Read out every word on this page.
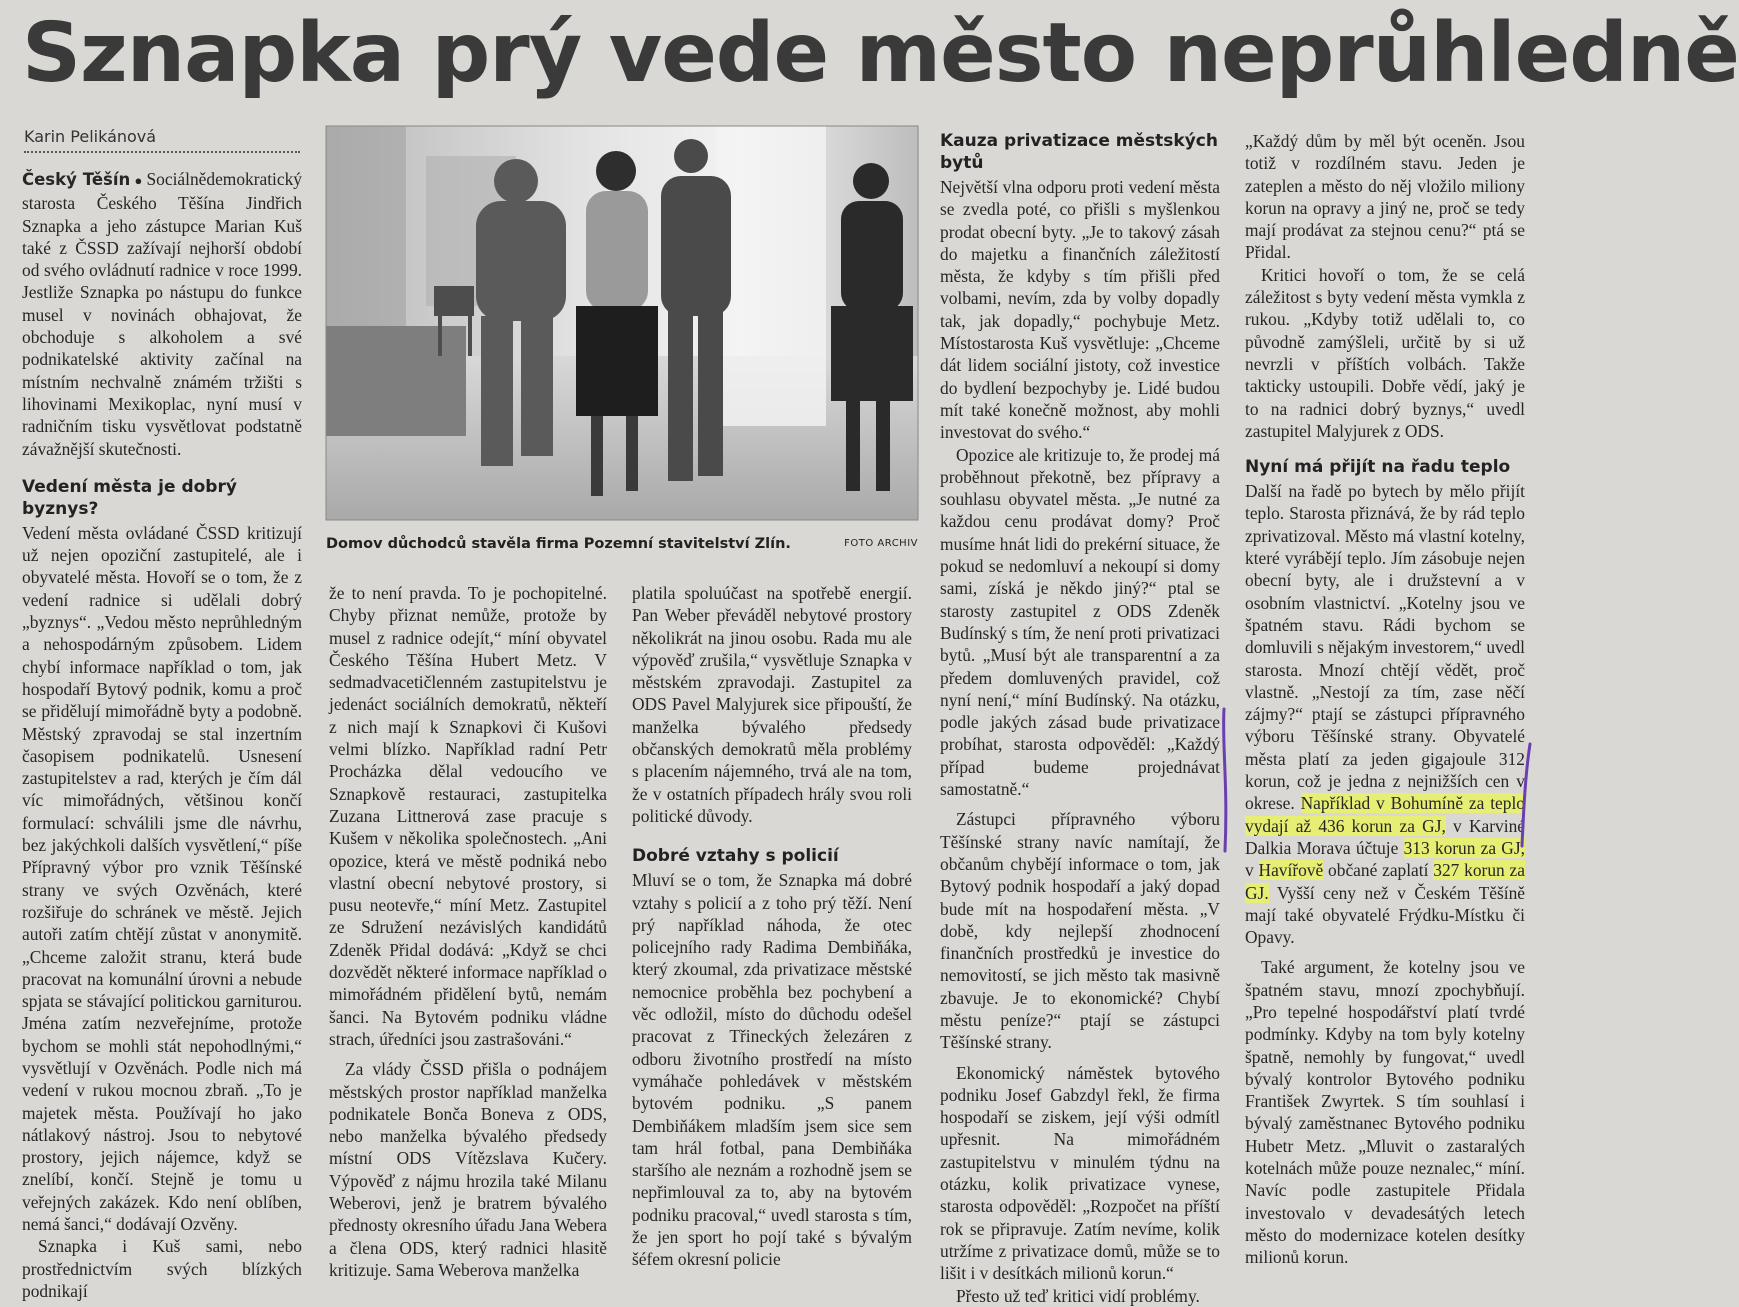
Sznapka prý vede město neprůhledně
Karin Pelikánová

Český Těšín ● Sociálnědemokratický starosta Českého Těšína Jindřich Sznapka a jeho zástupce Marian Kuš také z ČSSD zažívají nejhorší období od svého ovládnutí radnice v roce 1999. Jestliže Sznapka po nástupu do funkce musel v novinách obhajovat, že obchoduje s alkoholem a své podnikatelské aktivity začínal na místním nechvalně známém tržišti s lihovinami Mexikoplac, nyní musí v radničním tisku vysvětlovat podstatně závažnější skutečnosti.

Vedení města je dobrý byznys?

Vedení města ovládané ČSSD kritizují už nejen opoziční zastupitelé, ale i obyvatelé města. Hovoří se o tom, že z vedení radnice si udělali dobrý „byznys“. „Vedou město neprůhledným a nehospodárným způsobem. Lidem chybí informace například o tom, jak hospodaří Bytový podnik, komu a proč se přidělují mimořádně byty a podobně. Městský zpravodaj se stal inzertním časopisem podnikatelů. Usnesení zastupitelstev a rad, kterých je čím dál víc mimořádných, většinou končí formulací: schválili jsme dle návrhu, bez jakýchkoli dalších vysvětlení,“ píše Přípravný výbor pro vznik Těšínské strany ve svých Ozvěnách, které rozšiřuje do schránek ve městě. Jejich autoři zatím chtějí zůstat v anonymitě. „Chceme založit stranu, která bude pracovat na komunální úrovni a nebude spjata se stávající politickou garniturou. Jména zatím nezveřejníme, protože bychom se mohli stát nepohodlnými,“ vysvětlují v Ozvěnách. Podle nich má vedení v rukou mocnou zbraň. „To je majetek města. Používají ho jako nátlakový nástroj. Jsou to nebytové prostory, jejich nájemce, když se znelíbí, končí. Stejně je tomu u veřejných zakázek. Kdo není oblíben, nemá šanci,“ dodávají Ozvěny.

Sznapka i Kuš sami, nebo prostřednictvím svých blízkých podnikají

Domov důchodců stavěla firma Pozemní stavitelství Zlín.	FOTO ARCHIV

že to není pravda. To je pochopitelné. Chyby přiznat nemůže, protože by musel z radnice odejít,“ míní obyvatel Českého Těšína Hubert Metz. V sedmadvacetičlenném zastupitelstvu je jedenáct sociálních demokratů, někteří z nich mají k Sznapkovi či Kušovi velmi blízko. Například radní Petr Procházka dělal vedoucího ve Sznapkově restauraci, zastupitelka Zuzana Littnerová zase pracuje s Kušem v několika společnostech. „Ani opozice, která ve městě podniká nebo vlastní obecní nebytové prostory, si pusu neotevře,“ míní Metz. Zastupitel ze Sdružení nezávislých kandidátů Zdeněk Přidal dodává: „Když se chci dozvědět některé informace například o mimořádném přidělení bytů, nemám šanci. Na Bytovém podniku vládne strach, úředníci jsou zastrašováni.“

Za vlády ČSSD přišla o podnájem městských prostor například manželka podnikatele Bonča Boneva z ODS, nebo manželka bývalého předsedy místní ODS Vítězslava Kučery. Výpověď z nájmu hrozila také Milanu Weberovi, jenž je bratrem bývalého přednosty okresního úřadu Jana Webera a člena ODS, který radnici hlasitě kritizuje. Sama Weberova manželka

platila spoluúčast na spotřebě energií. Pan Weber převáděl nebytové prostory několikrát na jinou osobu. Rada mu ale výpověď zrušila,“ vysvětluje Sznapka v městském zpravodaji. Zastupitel za ODS Pavel Malyjurek sice připouští, že manželka bývalého předsedy občanských demokratů měla problémy s placením nájemného, trvá ale na tom, že v ostatních případech hrály svou roli politické důvody.

Dobré vztahy s policií

Mluví se o tom, že Sznapka má dobré vztahy s policií a z toho prý těží. Není prý například náhoda, že otec policejního rady Radima Dembiňáka, který zkoumal, zda privatizace městské nemocnice proběhla bez pochybení a věc odložil, místo do důchodu odešel pracovat z Třineckých železáren z odboru životního prostředí na místo vymáhače pohledávek v městském bytovém podniku. „S panem Dembiňákem mladším jsem sice sem tam hrál fotbal, pana Dembiňáka staršího ale neznám a rozhodně jsem se nepřimlouval za to, aby na bytovém podniku pracoval,“ uvedl starosta s tím, že jen sport ho pojí také s bývalým šéfem okresní policie

Kauza privatizace městských bytů

Největší vlna odporu proti vedení města se zvedla poté, co přišli s myšlenkou prodat obecní byty. „Je to takový zásah do majetku a finančních záležitostí města, že kdyby s tím přišli před volbami, nevím, zda by volby dopadly tak, jak dopadly,“ pochybuje Metz. Místostarosta Kuš vysvětluje: „Chceme dát lidem sociální jistoty, což investice do bydlení bezpochyby je. Lidé budou mít také konečně možnost, aby mohli investovat do svého.“

Opozice ale kritizuje to, že prodej má proběhnout překotně, bez přípravy a souhlasu obyvatel města. „Je nutné za každou cenu prodávat domy? Proč musíme hnát lidi do prekérní situace, že pokud se nedomluví a nekoupí si domy sami, získá je někdo jiný?“ ptal se starosty zastupitel z ODS Zdeněk Budínský s tím, že není proti privatizaci bytů. „Musí být ale transparentní a za předem domluvených pravidel, což nyní není,“ míní Budínský. Na otázku, podle jakých zásad bude privatizace probíhat, starosta odpověděl: „Každý případ budeme projednávat samostatně.“

Zástupci přípravného výboru Těšínské strany navíc namítají, že občanům chybějí informace o tom, jak Bytový podnik hospodaří a jaký dopad bude mít na hospodaření města. „V době, kdy nejlepší zhodnocení finančních prostředků je investice do nemovitostí, se jich město tak masivně zbavuje. Je to ekonomické? Chybí městu peníze?“ ptají se zástupci Těšínské strany.

Ekonomický náměstek bytového podniku Josef Gabzdyl řekl, že firma hospodaří se ziskem, její výši odmítl upřesnit. Na mimořádném zastupitelstvu v minulém týdnu na otázku, kolik privatizace vynese, starosta odpověděl: „Rozpočet na příští rok se připravuje. Zatím nevíme, kolik utržíme z privatizace domů, může se to lišit i v desítkách milionů korun.“

Přesto už teď kritici vidí problémy.

„Každý dům by měl být oceněn. Jsou totiž v rozdílném stavu. Jeden je zateplen a město do něj vložilo miliony korun na opravy a jiný ne, proč se tedy mají prodávat za stejnou cenu?“ ptá se Přidal.

Kritici hovoří o tom, že se celá záležitost s byty vedení města vymkla z rukou. „Kdyby totiž udělali to, co původně zamýšleli, určitě by si už nevrzli v příštích volbách. Takže takticky ustoupili. Dobře vědí, jaký je to na radnici dobrý byznys,“ uvedl zastupitel Malyjurek z ODS.

Nyní má přijít na řadu teplo

Další na řadě po bytech by mělo přijít teplo. Starosta přiznává, že by rád teplo zprivatizoval. Město má vlastní kotelny, které vyrábějí teplo. Jím zásobuje nejen obecní byty, ale i družstevní a v osobním vlastnictví. „Kotelny jsou ve špatném stavu. Rádi bychom se domluvili s nějakým investorem,“ uvedl starosta. Mnozí chtějí vědět, proč vlastně. „Nestojí za tím, zase něčí zájmy?“ ptají se zástupci přípravného výboru Těšínské strany. Obyvatelé města platí za jeden gigajoule 312 korun, což je jedna z nejnižších cen v okrese. Například v Bohumíně za teplo vydají až 436 korun za GJ, v Karviné Dalkia Morava účtuje 313 korun za GJ, v Havířově občané zaplatí 327 korun za GJ. Vyšší ceny než v Českém Těšíně mají také obyvatelé Frýdku-Místku či Opavy.

Také argument, že kotelny jsou ve špatném stavu, mnozí zpochybňují. „Pro tepelné hospodářství platí tvrdé podmínky. Kdyby na tom byly kotelny špatně, nemohly by fungovat,“ uvedl bývalý kontrolor Bytového podniku František Zwyrtek. S tím souhlasí i bývalý zaměstnanec Bytového podniku Hubetr Metz. „Mluvit o zastaralých kotelnách může pouze neznalec,“ míní. Navíc podle zastupitele Přidala investovalo v devadesátých letech město do modernizace kotelen desítky milionů korun.
